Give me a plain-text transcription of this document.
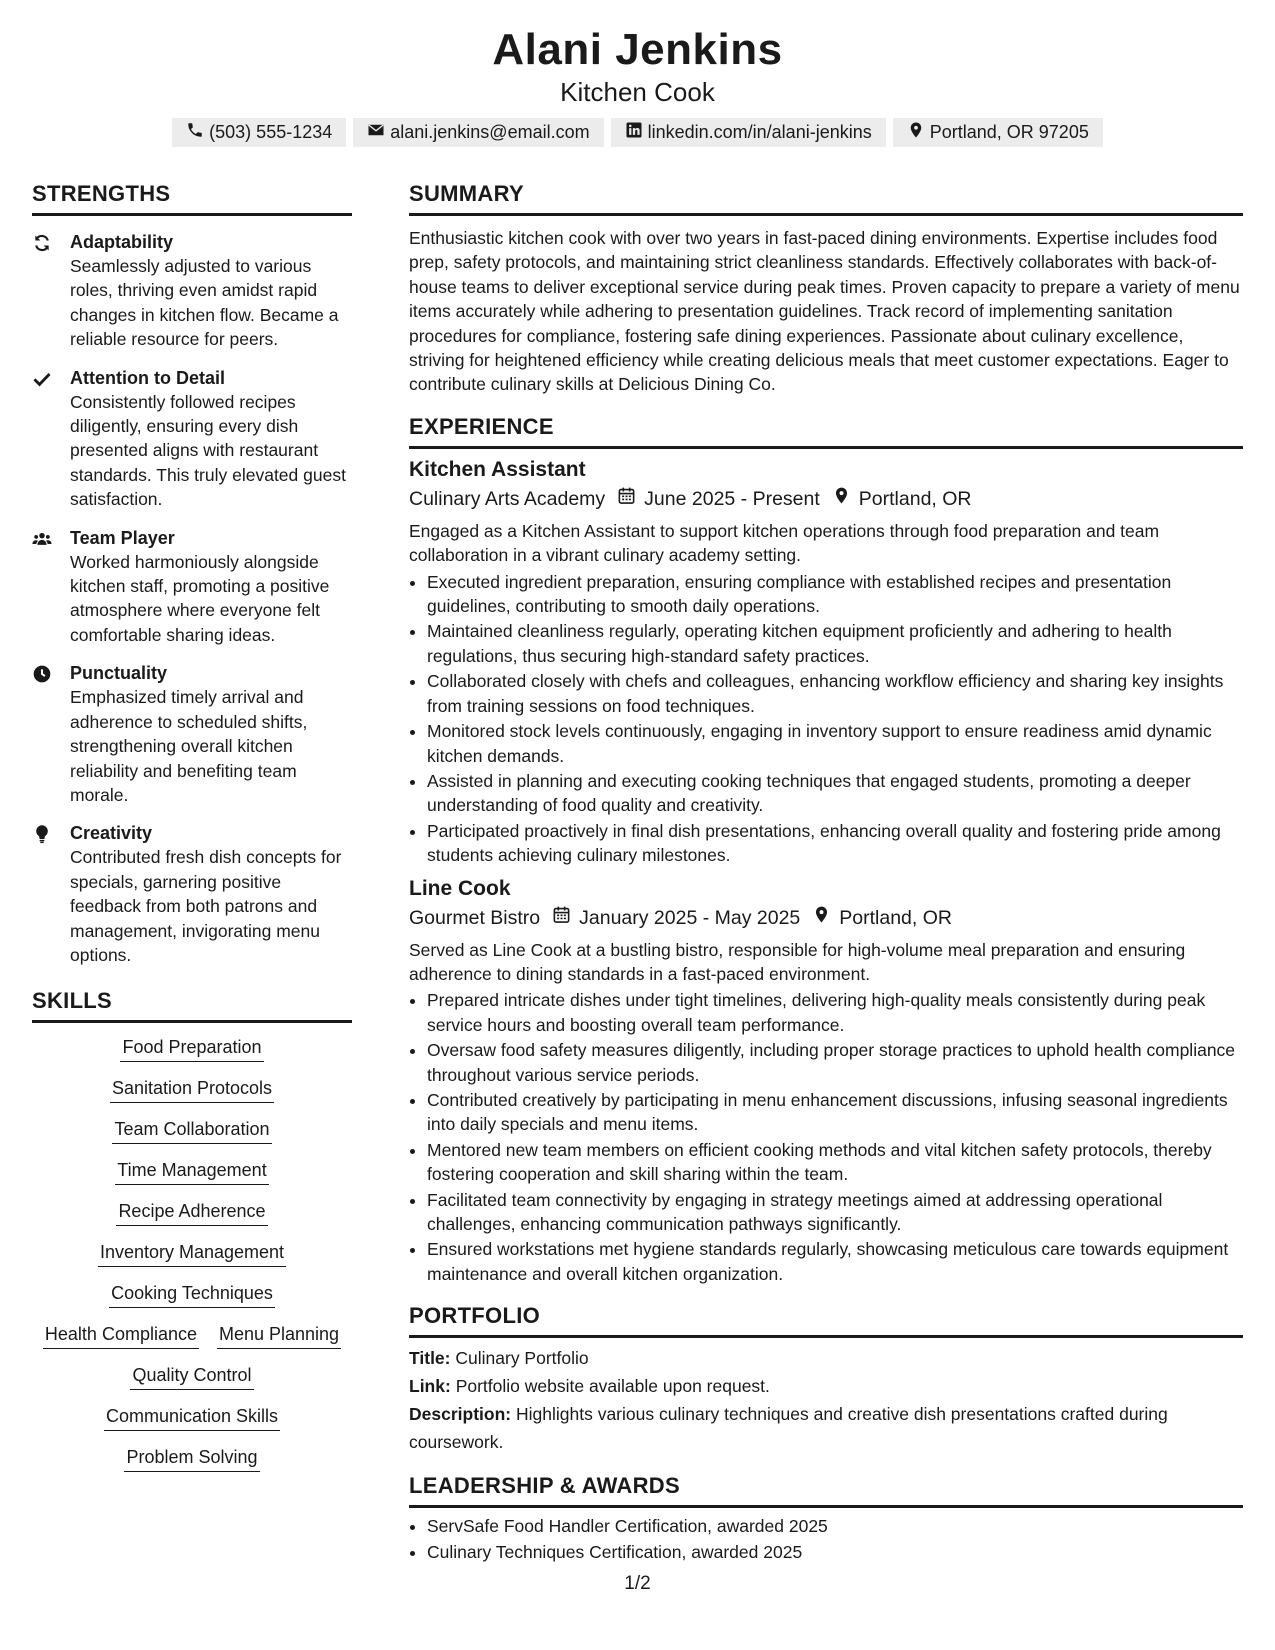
Alani Jenkins
Kitchen Cook
(503) 555-1234	alani.jenkins@email.com	linkedin.com/in/alani-jenkins	Portland, OR 97205
STRENGTHS
Adaptability
Seamlessly adjusted to various roles, thriving even amidst rapid changes in kitchen flow. Became a reliable resource for peers.
Attention to Detail
Consistently followed recipes diligently, ensuring every dish presented aligns with restaurant standards. This truly elevated guest satisfaction.
Team Player
Worked harmoniously alongside kitchen staff, promoting a positive atmosphere where everyone felt comfortable sharing ideas.
Punctuality
Emphasized timely arrival and adherence to scheduled shifts, strengthening overall kitchen reliability and benefiting team morale.
Creativity
Contributed fresh dish concepts for specials, garnering positive feedback from both patrons and management, invigorating menu options.
SKILLS
Food Preparation
Sanitation Protocols
Team Collaboration
Time Management
Recipe Adherence
Inventory Management
Cooking Techniques
Health Compliance Menu Planning
Quality Control
Communication Skills
Problem Solving
SUMMARY

Enthusiastic kitchen cook with over two years in fast-paced dining environments. Expertise includes food prep, safety protocols, and maintaining strict cleanliness standards. Effectively collaborates with back-of-house teams to deliver exceptional service during peak times. Proven capacity to prepare a variety of menu items accurately while adhering to presentation guidelines. Track record of implementing sanitation procedures for compliance, fostering safe dining experiences. Passionate about culinary excellence, striving for heightened efficiency while creating delicious meals that meet customer expectations. Eager to contribute culinary skills at Delicious Dining Co.

EXPERIENCE
Kitchen Assistant
Culinary Arts Academy June 2025 - Present Portland, OR
Engaged as a Kitchen Assistant to support kitchen operations through food preparation and team collaboration in a vibrant culinary academy setting.
• Executed ingredient preparation, ensuring compliance with established recipes and presentation guidelines, contributing to smooth daily operations.
• Maintained cleanliness regularly, operating kitchen equipment proficiently and adhering to health regulations, thus securing high-standard safety practices.
• Collaborated closely with chefs and colleagues, enhancing workflow efficiency and sharing key insights from training sessions on food techniques.
• Monitored stock levels continuously, engaging in inventory support to ensure readiness amid dynamic kitchen demands.
• Assisted in planning and executing cooking techniques that engaged students, promoting a deeper understanding of food quality and creativity.
• Participated proactively in final dish presentations, enhancing overall quality and fostering pride among students achieving culinary milestones.
Line Cook
Gourmet Bistro January 2025 - May 2025 Portland, OR
Served as Line Cook at a bustling bistro, responsible for high-volume meal preparation and ensuring adherence to dining standards in a fast-paced environment.
• Prepared intricate dishes under tight timelines, delivering high-quality meals consistently during peak service hours and boosting overall team performance.
• Oversaw food safety measures diligently, including proper storage practices to uphold health compliance throughout various service periods.
• Contributed creatively by participating in menu enhancement discussions, infusing seasonal ingredients into daily specials and menu items.
• Mentored new team members on efficient cooking methods and vital kitchen safety protocols, thereby fostering cooperation and skill sharing within the team.
• Facilitated team connectivity by engaging in strategy meetings aimed at addressing operational challenges, enhancing communication pathways significantly.
• Ensured workstations met hygiene standards regularly, showcasing meticulous care towards equipment maintenance and overall kitchen organization.
PORTFOLIO
Title: Culinary Portfolio
Link: Portfolio website available upon request.
Description: Highlights various culinary techniques and creative dish presentations crafted during coursework.
LEADERSHIP & AWARDS
• ServSafe Food Handler Certification, awarded 2025
• Culinary Techniques Certification, awarded 2025
1/2
